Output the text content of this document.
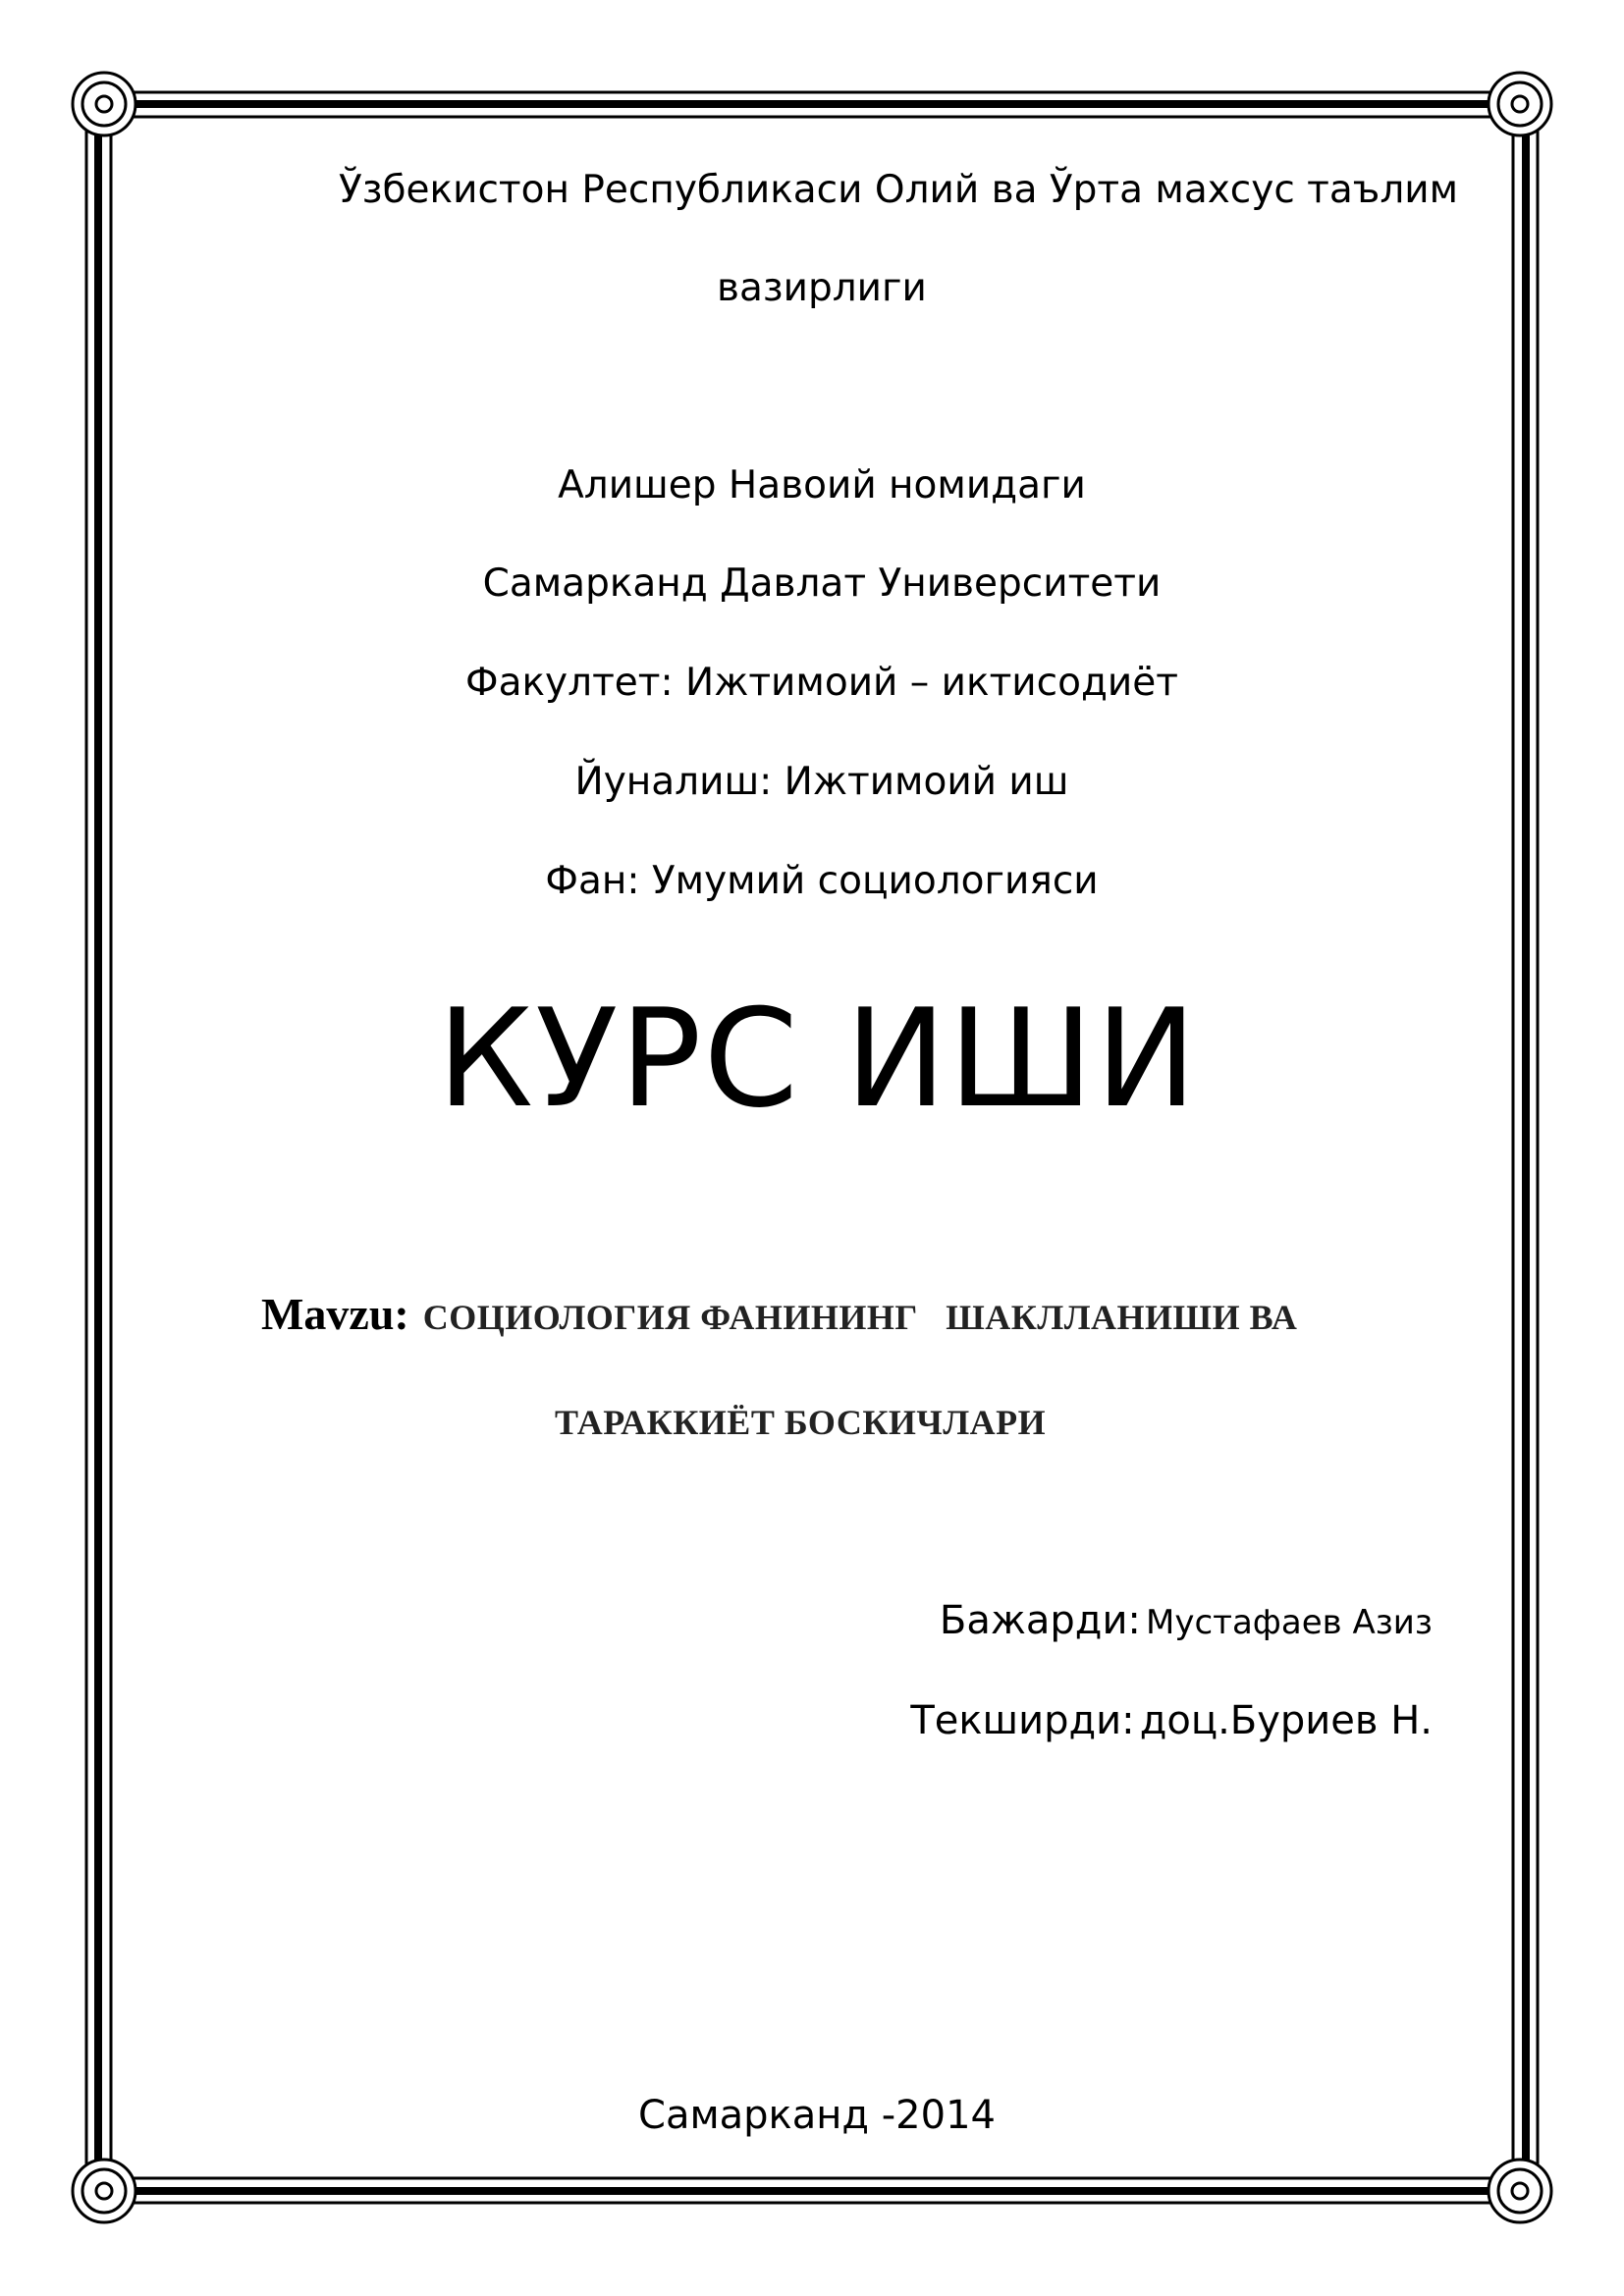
Ўзбекистон Республикаси Олий ва Ўрта махсус таълим
вазирлиги
Алишер Навоий номидаги
Самарканд Давлат Университети
Факултет: Ижтимоий – иктисодиёт
Йуналиш: Ижтимоий иш
Фан: Умумий социологияси
КУРС ИШИ
Mavzu: СОЦИОЛОГИЯ ФАНИНИНГ   ШАКЛЛАНИШИ ВА
ТАРАККИЁТ БОСКИЧЛАРИ
Бажарди: Мустафаев Азиз
Текширди: доц.Буриев Н.
Самарканд -2014
